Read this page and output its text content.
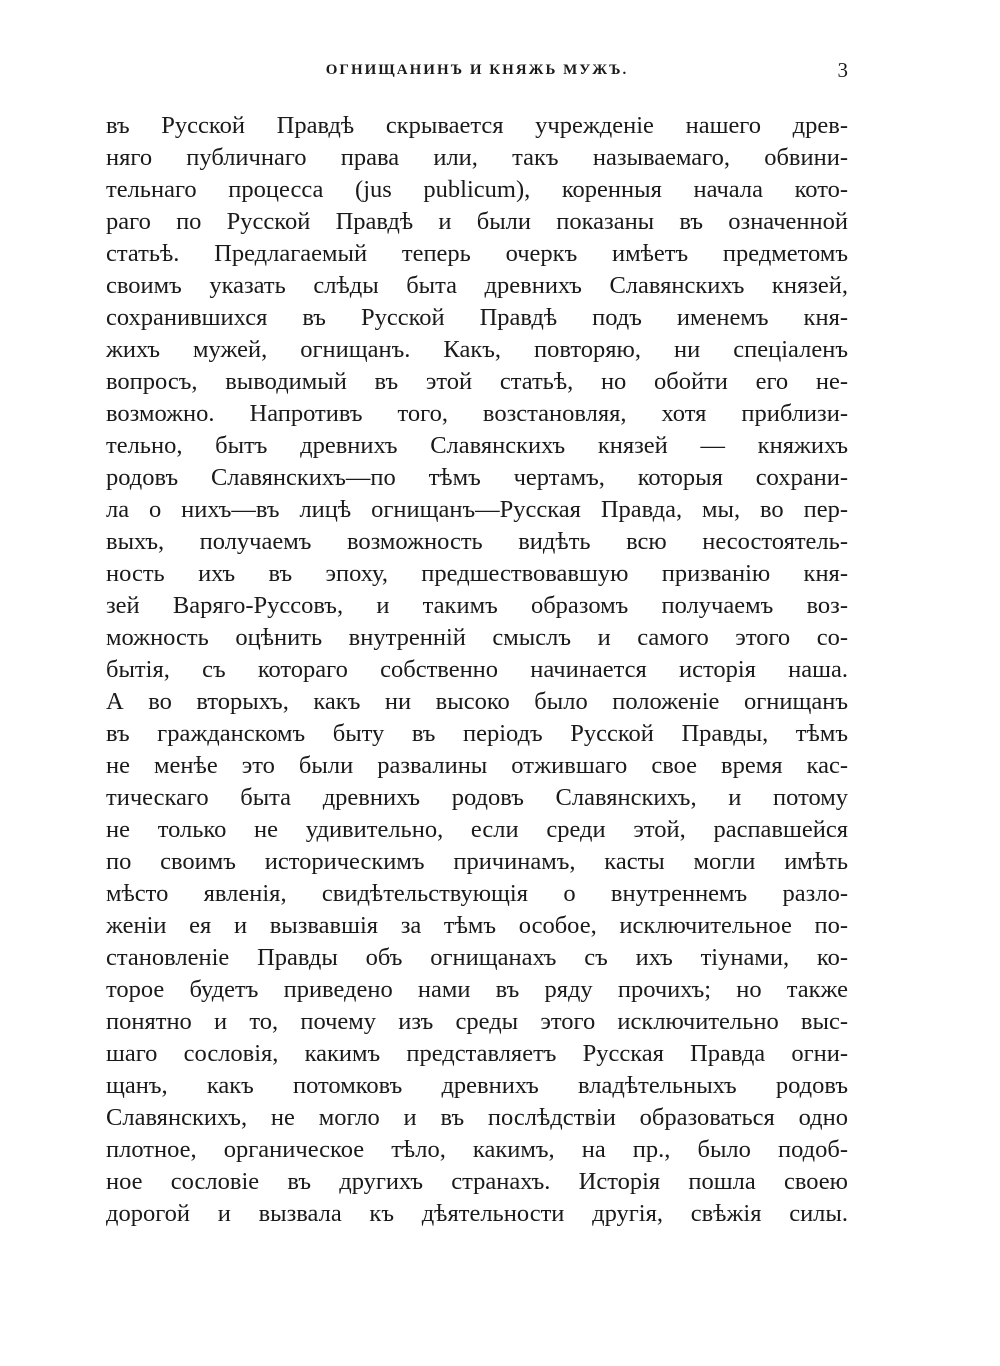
ОГНИЩАНИНЪ И КНЯЖЬ МУЖЪ.	3
въ Русской Правдѣ скрывается учрежденіе нашего древ-
няго публичнаго права или, такъ называемаго, обвини-
тельнаго процесса (jus publicum), коренныя начала кото-
раго по Русской Правдѣ и были показаны въ означенной
статьѣ. Предлагаемый теперь очеркъ имѣетъ предметомъ
своимъ указать слѣды быта древнихъ Славянскихъ князей,
сохранившихся въ Русской Правдѣ подъ именемъ кня-
жихъ мужей, огнищанъ. Какъ, повторяю, ни спеціаленъ
вопросъ, выводимый въ этой статьѣ, но обойти его не-
возможно. Напротивъ того, возстановляя, хотя приблизи-
тельно, бытъ древнихъ Славянскихъ князей — княжихъ
родовъ Славянскихъ—по тѣмъ чертамъ, которыя сохрани-
ла о нихъ—въ лицѣ огнищанъ—Русская Правда, мы, во пер-
выхъ, получаемъ возможность видѣть всю несостоятель-
ность ихъ въ эпоху, предшествовавшую призванію кня-
зей Варяго-Руссовъ, и такимъ образомъ получаемъ воз-
можность оцѣнить внутренній смыслъ и самого этого со-
бытія, съ котораго собственно начинается исторія наша.
А во вторыхъ, какъ ни высоко было положеніе огнищанъ
въ гражданскомъ быту въ періодъ Русской Правды, тѣмъ
не менѣе это были развалины отжившаго свое время кас-
тическаго быта древнихъ родовъ Славянскихъ, и потому
не только не удивительно, если среди этой, распавшейся
по своимъ историческимъ причинамъ, касты могли имѣть
мѣсто явленія, свидѣтельствующія о внутреннемъ разло-
женіи ея и вызвавшія за тѣмъ особое, исключительное по-
становленіе Правды объ огнищанахъ съ ихъ тіунами, ко-
торое будетъ приведено нами въ ряду прочихъ; но также
понятно и то, почему изъ среды этого исключительно выс-
шаго сословія, какимъ представляетъ Русская Правда огни-
щанъ, какъ потомковъ древнихъ владѣтельныхъ родовъ
Славянскихъ, не могло и въ послѣдствіи образоваться одно
плотное, органическое тѣло, какимъ, на пр., было подоб-
ное сословіе въ другихъ странахъ. Исторія пошла своею
дорогой и вызвала къ дѣятельности другія, свѣжія силы.
